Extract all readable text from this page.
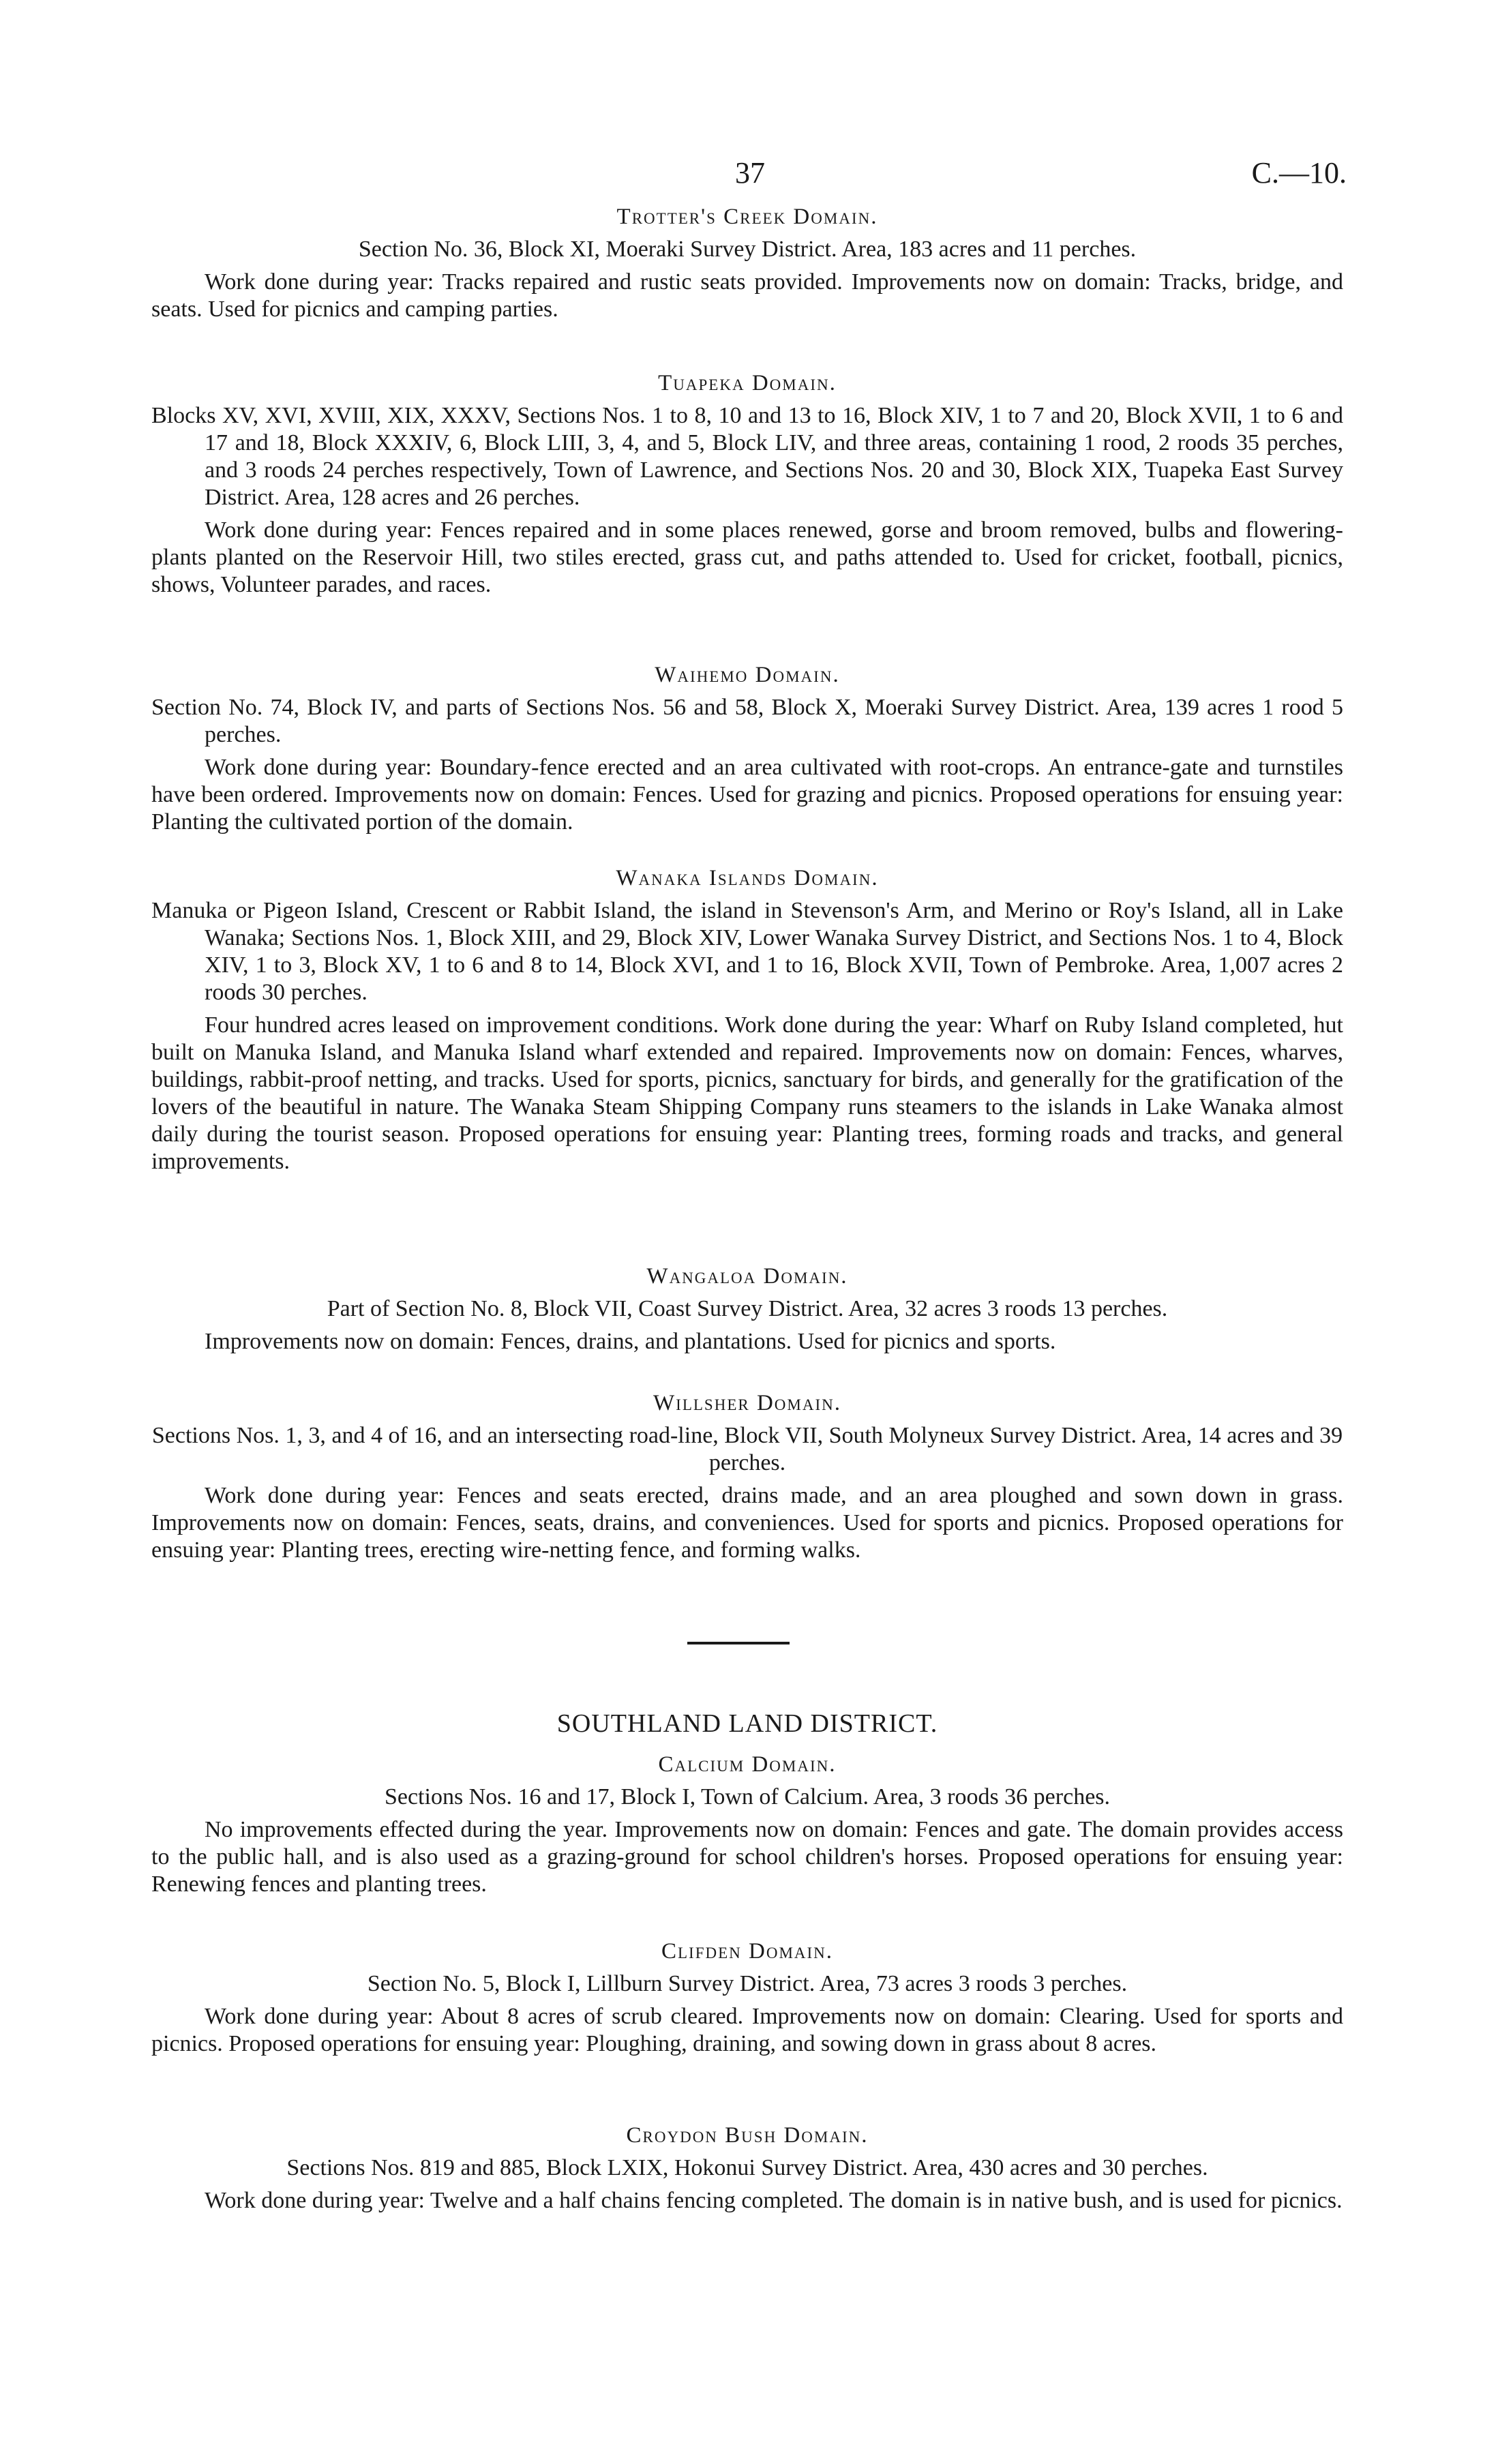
37	C.—10.
Trotter's Creek Domain.
Section No. 36, Block XI, Moeraki Survey District. Area, 183 acres and 11 perches.
Work done during year: Tracks repaired and rustic seats provided. Improvements now on domain: Tracks, bridge, and seats. Used for picnics and camping parties.
Tuapeka Domain.
Blocks XV, XVI, XVIII, XIX, XXXV, Sections Nos. 1 to 8, 10 and 13 to 16, Block XIV, 1 to 7 and 20, Block XVII, 1 to 6 and 17 and 18, Block XXXIV, 6, Block LIII, 3, 4, and 5, Block LIV, and three areas, containing 1 rood, 2 roods 35 perches, and 3 roods 24 perches respectively, Town of Lawrence, and Sections Nos. 20 and 30, Block XIX, Tuapeka East Survey District. Area, 128 acres and 26 perches.
Work done during year: Fences repaired and in some places renewed, gorse and broom removed, bulbs and flowering-plants planted on the Reservoir Hill, two stiles erected, grass cut, and paths attended to. Used for cricket, football, picnics, shows, Volunteer parades, and races.
Waihemo Domain.
Section No. 74, Block IV, and parts of Sections Nos. 56 and 58, Block X, Moeraki Survey District. Area, 139 acres 1 rood 5 perches.
Work done during year: Boundary-fence erected and an area cultivated with root-crops. An entrance-gate and turnstiles have been ordered. Improvements now on domain: Fences. Used for grazing and picnics. Proposed operations for ensuing year: Planting the cultivated portion of the domain.
Wanaka Islands Domain.
Manuka or Pigeon Island, Crescent or Rabbit Island, the island in Stevenson's Arm, and Merino or Roy's Island, all in Lake Wanaka; Sections Nos. 1, Block XIII, and 29, Block XIV, Lower Wanaka Survey District, and Sections Nos. 1 to 4, Block XIV, 1 to 3, Block XV, 1 to 6 and 8 to 14, Block XVI, and 1 to 16, Block XVII, Town of Pembroke. Area, 1,007 acres 2 roods 30 perches.
Four hundred acres leased on improvement conditions. Work done during the year: Wharf on Ruby Island completed, hut built on Manuka Island, and Manuka Island wharf extended and repaired. Improvements now on domain: Fences, wharves, buildings, rabbit-proof netting, and tracks. Used for sports, picnics, sanctuary for birds, and generally for the gratification of the lovers of the beautiful in nature. The Wanaka Steam Shipping Company runs steamers to the islands in Lake Wanaka almost daily during the tourist season. Proposed operations for ensuing year: Planting trees, forming roads and tracks, and general improvements.
Wangaloa Domain.
Part of Section No. 8, Block VII, Coast Survey District. Area, 32 acres 3 roods 13 perches.
Improvements now on domain: Fences, drains, and plantations. Used for picnics and sports.
Willsher Domain.
Sections Nos. 1, 3, and 4 of 16, and an intersecting road-line, Block VII, South Molyneux Survey District. Area, 14 acres and 39 perches.
Work done during year: Fences and seats erected, drains made, and an area ploughed and sown down in grass. Improvements now on domain: Fences, seats, drains, and conveniences. Used for sports and picnics. Proposed operations for ensuing year: Planting trees, erecting wire-netting fence, and forming walks.
SOUTHLAND LAND DISTRICT.
Calcium Domain.
Sections Nos. 16 and 17, Block I, Town of Calcium. Area, 3 roods 36 perches.
No improvements effected during the year. Improvements now on domain: Fences and gate. The domain provides access to the public hall, and is also used as a grazing-ground for school children's horses. Proposed operations for ensuing year: Renewing fences and planting trees.
Clifden Domain.
Section No. 5, Block I, Lillburn Survey District. Area, 73 acres 3 roods 3 perches.
Work done during year: About 8 acres of scrub cleared. Improvements now on domain: Clearing. Used for sports and picnics. Proposed operations for ensuing year: Ploughing, draining, and sowing down in grass about 8 acres.
Croydon Bush Domain.
Sections Nos. 819 and 885, Block LXIX, Hokonui Survey District. Area, 430 acres and 30 perches.
Work done during year: Twelve and a half chains fencing completed. The domain is in native bush, and is used for picnics.
